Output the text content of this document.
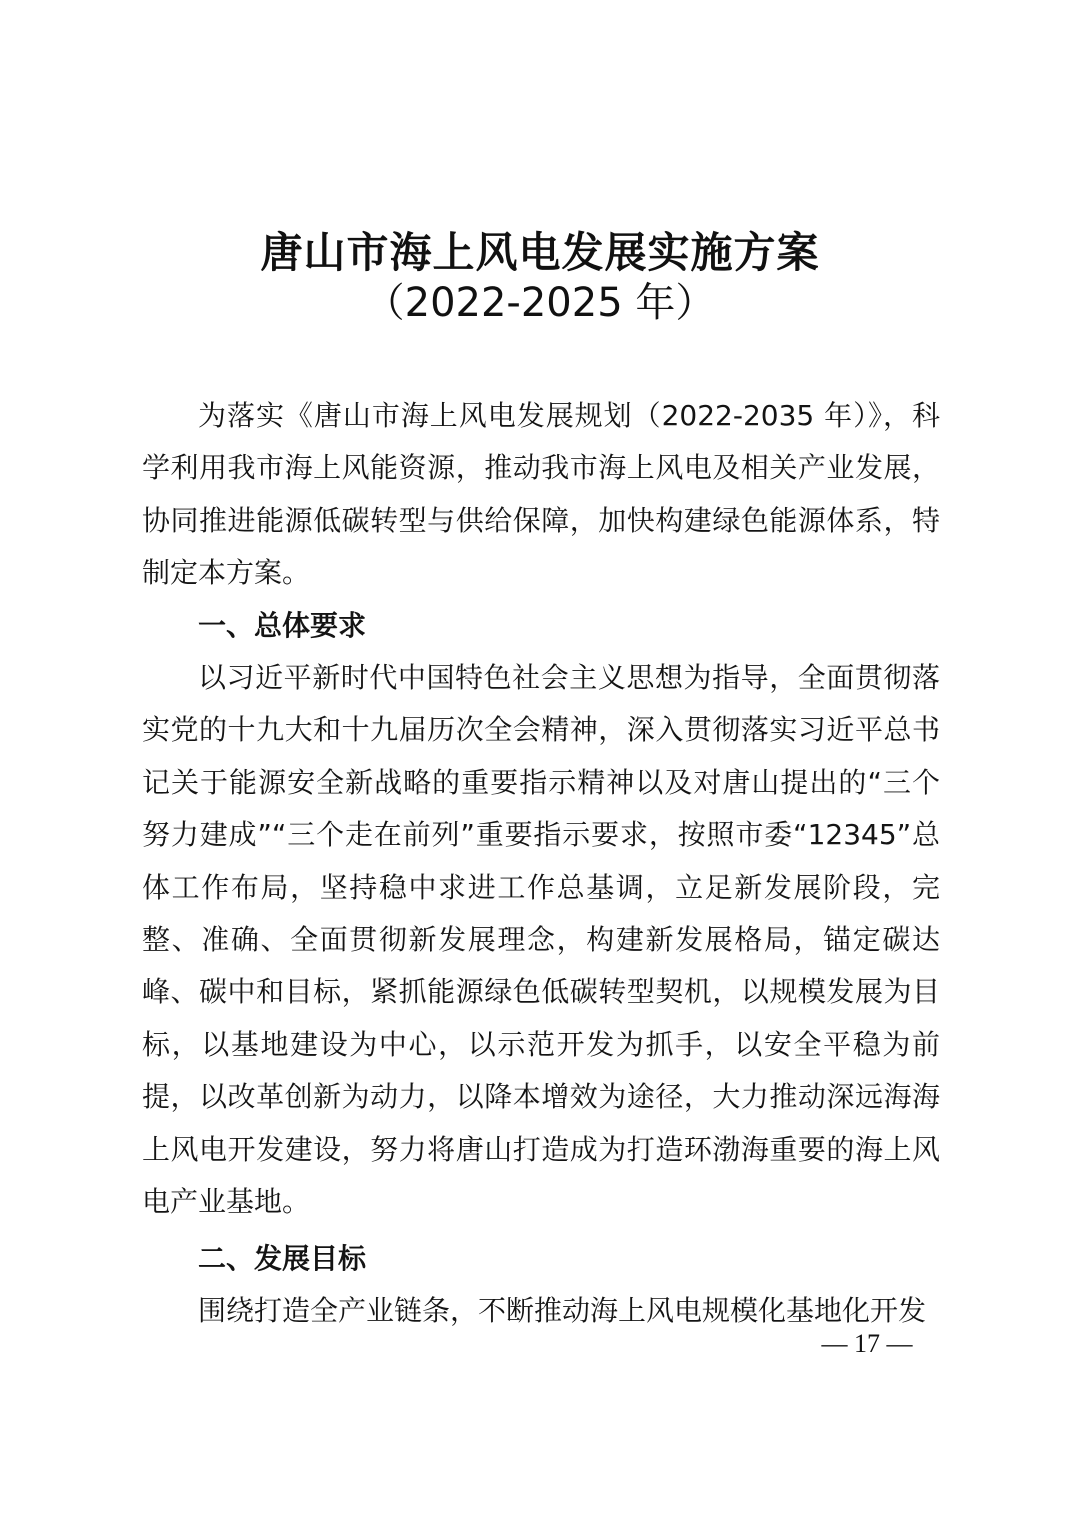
唐山市海上风电发展实施方案
（2022-2025 年）

为落实《唐山市海上风电发展规划（2022-2035 年）》，科学利用我市海上风能资源，推动我市海上风电及相关产业发展，协同推进能源低碳转型与供给保障，加快构建绿色能源体系，特制定本方案。

一、总体要求

以习近平新时代中国特色社会主义思想为指导，全面贯彻落实党的十九大和十九届历次全会精神，深入贯彻落实习近平总书记关于能源安全新战略的重要指示精神以及对唐山提出的“三个努力建成”“三个走在前列”重要指示要求，按照市委“12345”总体工作布局，坚持稳中求进工作总基调，立足新发展阶段，完整、准确、全面贯彻新发展理念，构建新发展格局，锚定碳达峰、碳中和目标，紧抓能源绿色低碳转型契机，以规模发展为目标，以基地建设为中心，以示范开发为抓手，以安全平稳为前提，以改革创新为动力，以降本增效为途径，大力推动深远海海上风电开发建设，努力将唐山打造成为打造环渤海重要的海上风电产业基地。

二、发展目标

围绕打造全产业链条，不断推动海上风电规模化基地化开发

— 17 —
